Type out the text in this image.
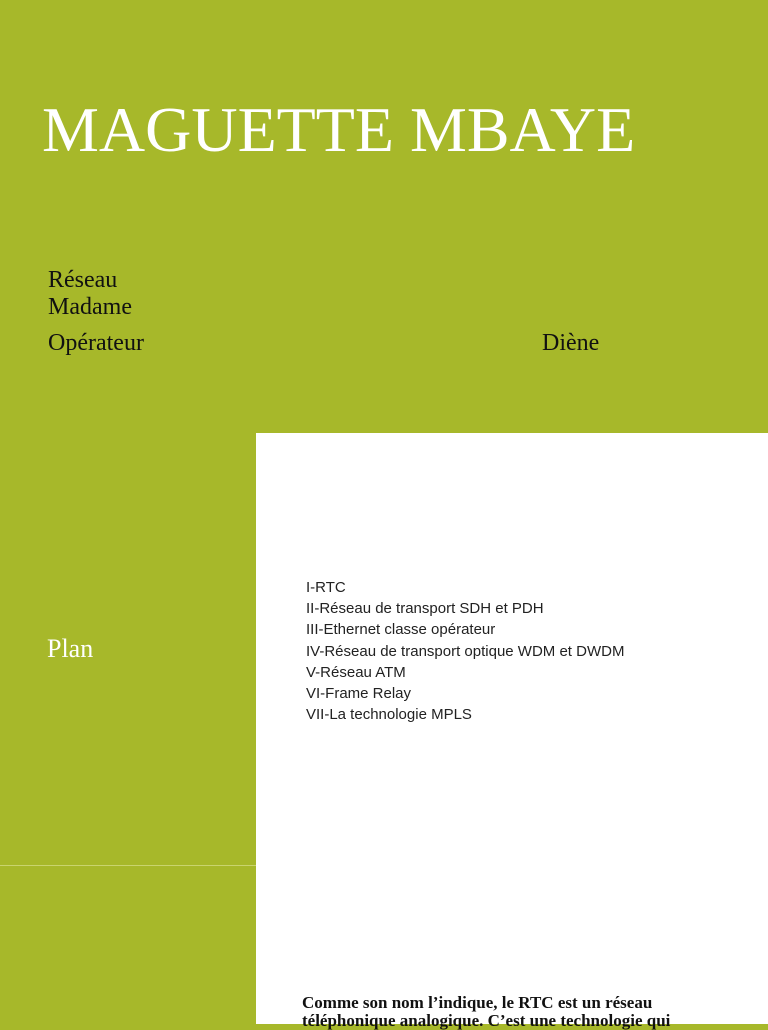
MAGUETTE MBAYE
Réseau
Madame
Opérateur	Diène
Plan
I-RTC
II-Réseau de transport SDH et PDH
III-Ethernet classe opérateur
IV-Réseau de transport optique WDM et DWDM
V-Réseau ATM
VI-Frame Relay
VII-La technologie MPLS
Comme son nom l’indique, le RTC est un réseau téléphonique analogique. C’est une technologie qui
